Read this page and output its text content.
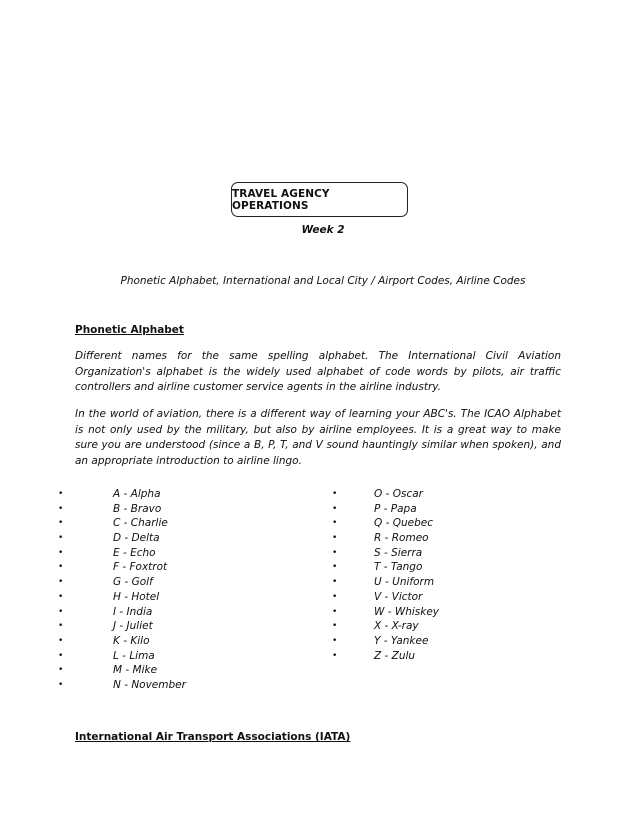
TRAVEL AGENCY OPERATIONS
Week 2
Phonetic Alphabet, International and Local City / Airport Codes, Airline Codes
Phonetic Alphabet

Different names for the same spelling alphabet. The International Civil Aviation Organization's alphabet is the widely used alphabet of code words by pilots, air traffic controllers and airline customer service agents in the airline industry.

In the world of aviation, there is a different way of learning your ABC's. The ICAO Alphabet is not only used by the military, but also by airline employees. It is a great way to make sure you are understood (since a B, P, T, and V sound hauntingly similar when spoken), and an appropriate introduction to airline lingo.

•	A - Alpha
•	B - Bravo
•	C - Charlie
•	D - Delta
•	E - Echo
•	F - Foxtrot
•	G - Golf
•	H - Hotel
•	I - India
•	J - Juliet
•	K - Kilo
•	L - Lima
•	M - Mike
•	N - November
•	O - Oscar
•	P - Papa
•	Q - Quebec
•	R - Romeo
•	S - Sierra
•	T - Tango
•	U - Uniform
•	V - Victor
•	W - Whiskey
•	X - X-ray
•	Y - Yankee
•	Z - Zulu
International Air Transport Associations (IATA)
